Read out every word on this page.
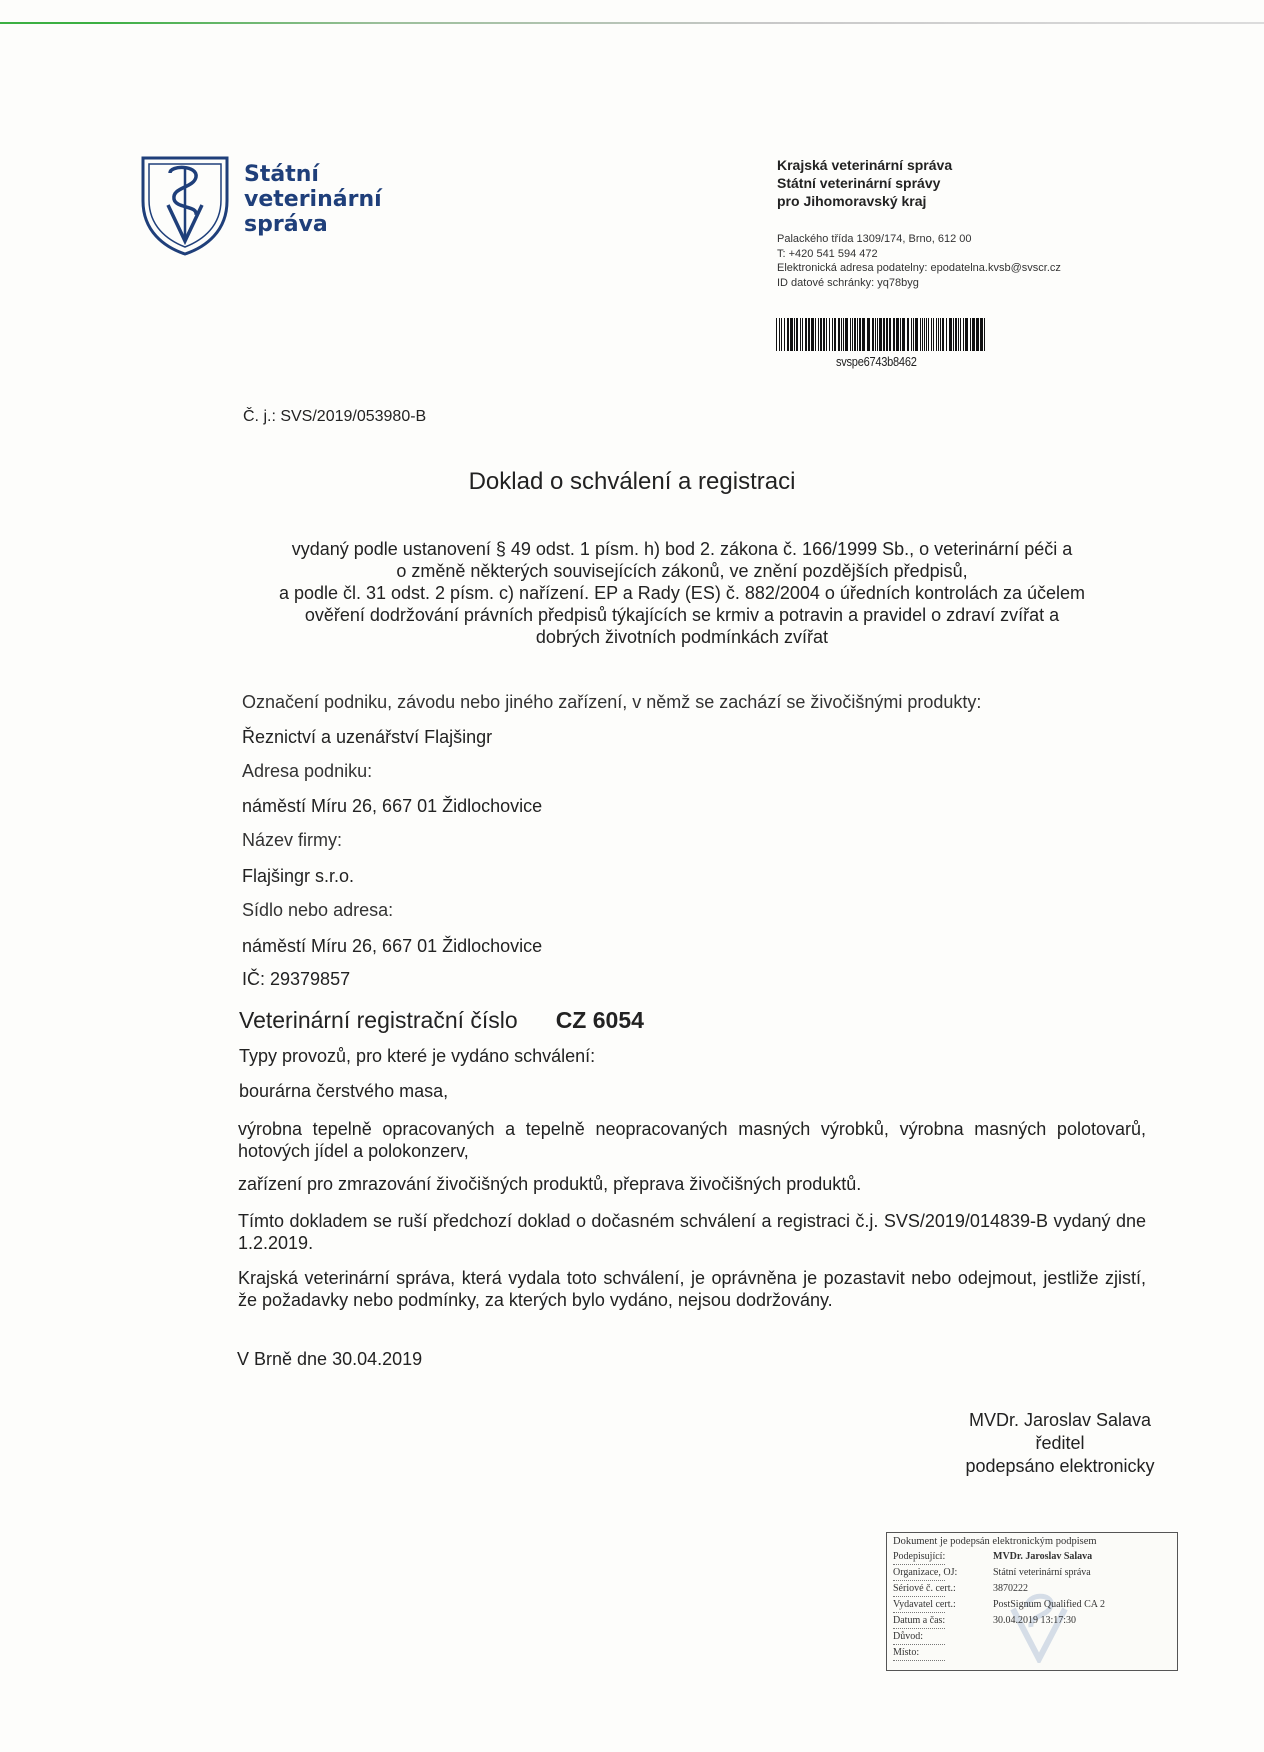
Státní
veterinární
správa
Krajská veterinární správa
Státní veterinární správy
pro Jihomoravský kraj
Palackého třída 1309/174, Brno, 612 00
T: +420 541 594 472
Elektronická adresa podatelny: epodatelna.kvsb@svscr.cz
ID datové schránky: yq78byg
svspe6743b8462
Č. j.: SVS/2019/053980-B
Doklad o schválení a registraci
vydaný podle ustanovení § 49 odst. 1 písm. h) bod 2. zákona č. 166/1999 Sb., o veterinární péči a
o změně některých souvisejících zákonů, ve znění pozdějších předpisů,
a podle čl. 31 odst. 2 písm. c) nařízení. EP a Rady (ES) č. 882/2004 o úředních kontrolách za účelem
ověření dodržování právních předpisů týkajících se krmiv a potravin a pravidel o zdraví zvířat a
dobrých životních podmínkách zvířat
Označení podniku, závodu nebo jiného zařízení, v němž se zachází se živočišnými produkty:
Řeznictví a uzenářství Flajšingr
Adresa podniku:
náměstí Míru 26, 667 01 Židlochovice
Název firmy:
Flajšingr s.r.o.
Sídlo nebo adresa:
náměstí Míru 26, 667 01 Židlochovice
IČ: 29379857
Veterinární registrační číslo CZ 6054
Typy provozů, pro které je vydáno schválení:
bourárna čerstvého masa,
výrobna tepelně opracovaných a tepelně neopracovaných masných výrobků, výrobna masných polotovarů, hotových jídel a polokonzerv,
zařízení pro zmrazování živočišných produktů, přeprava živočišných produktů.
Tímto dokladem se ruší předchozí doklad o dočasném schválení a registraci č.j. SVS/2019/014839-B vydaný dne 1.2.2019.
Krajská veterinární správa, která vydala toto schválení, je oprávněna je pozastavit nebo odejmout, jestliže zjistí, že požadavky nebo podmínky, za kterých bylo vydáno, nejsou dodržovány.
V Brně dne 30.04.2019
MVDr. Jaroslav Salava
ředitel
podepsáno elektronicky
Dokument je podepsán elektronickým podpisem
Podepisující:	MVDr. Jaroslav Salava
Organizace, OJ:	Státní veterinární správa
Sériové č. cert.:	3870222
Vydavatel cert.:	PostSignum Qualified CA 2
Datum a čas:	30.04.2019 13:17:30
Důvod:
Místo:
